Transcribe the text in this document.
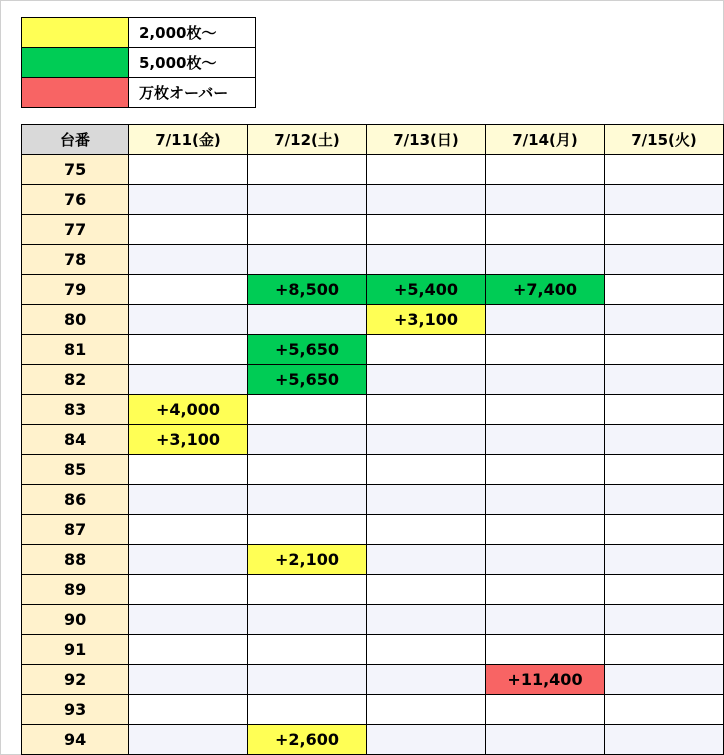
	2,000枚～
	5,000枚～
	万枚オーバー
台番	7/11(金)	7/12(土)	7/13(日)	7/14(月)	7/15(火)
75					
76					
77					
78					
79		+8,500	+5,400	+7,400	
80			+3,100		
81		+5,650			
82		+5,650			
83	+4,000				
84	+3,100				
85					
86					
87					
88		+2,100			
89					
90					
91					
92				+11,400	
93					
94		+2,600			
